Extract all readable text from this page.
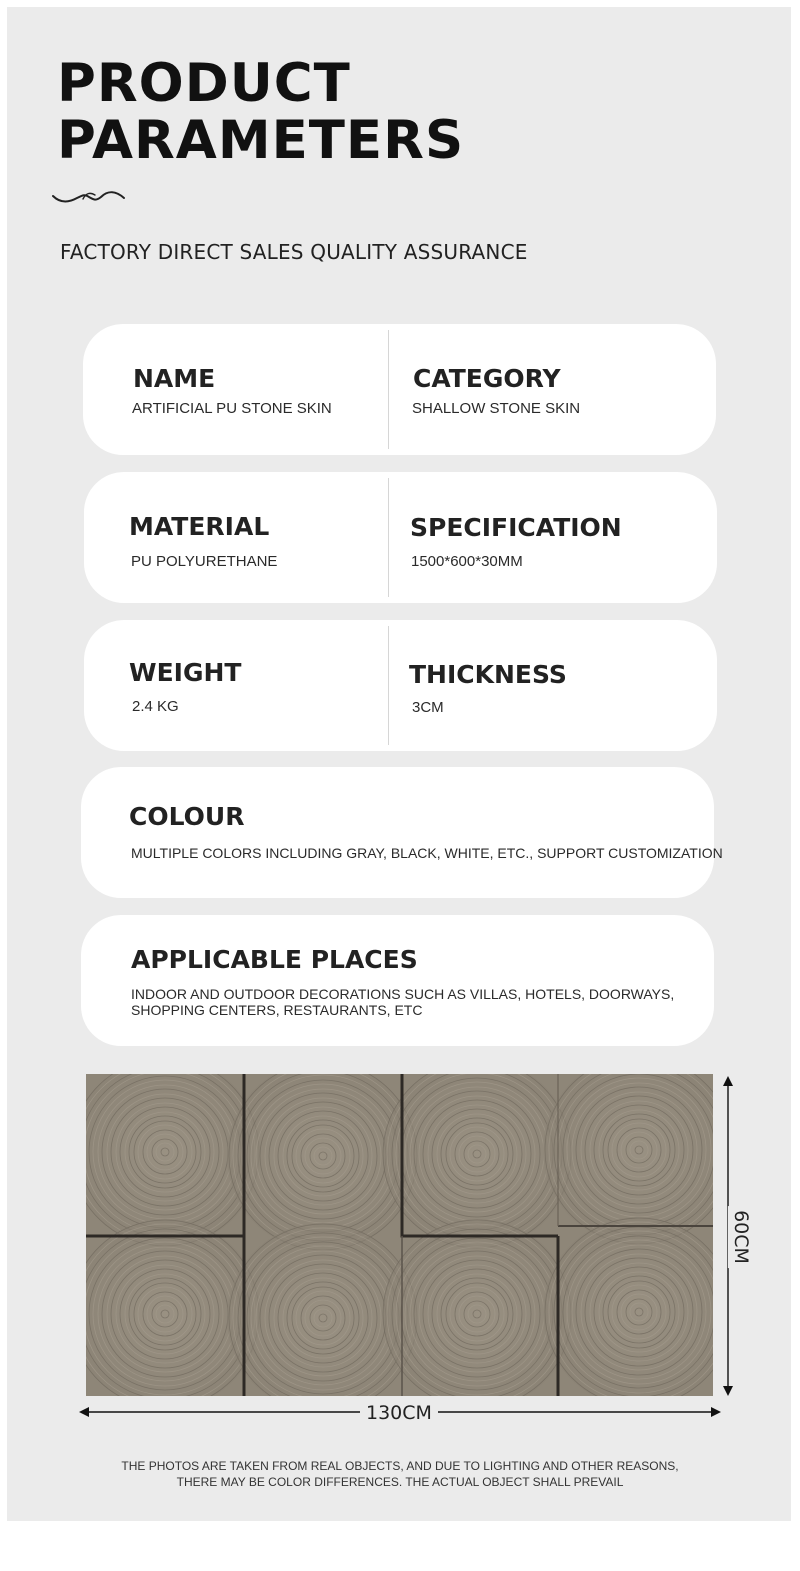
PRODUCT
PARAMETERS
FACTORY DIRECT SALES QUALITY ASSURANCE
NAME
ARTIFICIAL PU STONE SKIN
CATEGORY
SHALLOW STONE SKIN
MATERIAL
PU POLYURETHANE
SPECIFICATION
1500*600*30MM
WEIGHT
2.4 KG
THICKNESS
3CM
COLOUR
MULTIPLE COLORS INCLUDING GRAY, BLACK, WHITE, ETC., SUPPORT CUSTOMIZATION
APPLICABLE PLACES
INDOOR AND OUTDOOR DECORATIONS SUCH AS VILLAS, HOTELS, DOORWAYS, SHOPPING CENTERS, RESTAURANTS, ETC
60CM
130CM
THE PHOTOS ARE TAKEN FROM REAL OBJECTS, AND DUE TO LIGHTING AND OTHER REASONS,
THERE MAY BE COLOR DIFFERENCES. THE ACTUAL OBJECT SHALL PREVAIL
